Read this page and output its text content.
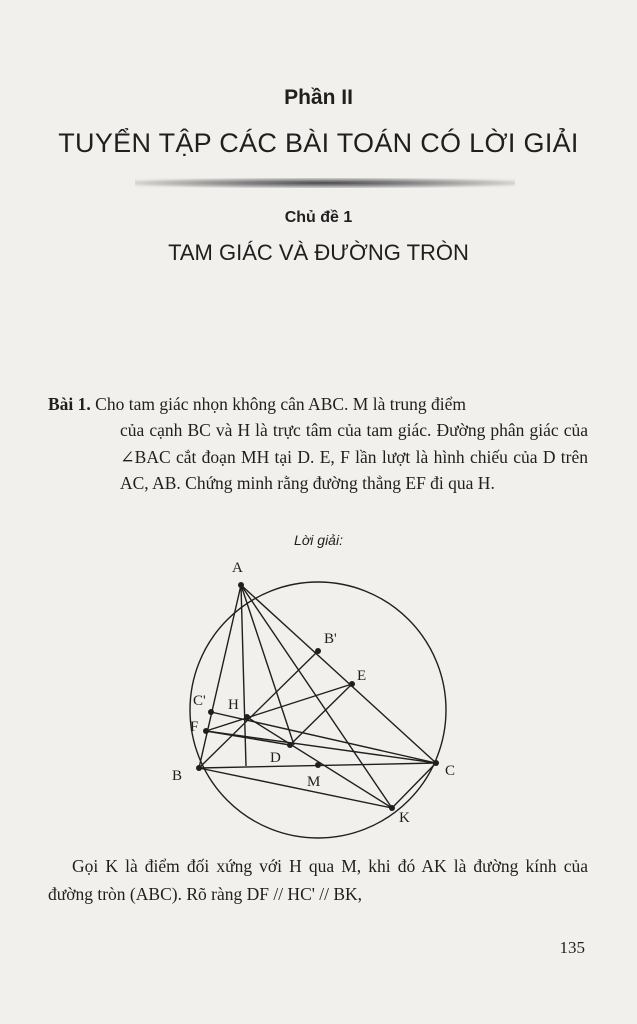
Phần II
TUYỂN TẬP CÁC BÀI TOÁN CÓ LỜI GIẢI
Chủ đề 1
TAM GIÁC VÀ ĐƯỜNG TRÒN
Bài 1. Cho tam giác nhọn không cân ABC. M là trung điểm
của cạnh BC và H là trực tâm của tam giác. Đường phân giác của ∠BAC cắt đoạn MH tại D. E, F lần lượt là hình chiếu của D trên AC, AB. Chứng minh rằng đường thẳng EF đi qua H.
Lời giải:
A
B	C
B'
C' H
D
E
F
M
K
Gọi K là điểm đối xứng với H qua M, khi đó AK là đường kính của đường tròn (ABC). Rõ ràng DF // HC' // BK,
135
